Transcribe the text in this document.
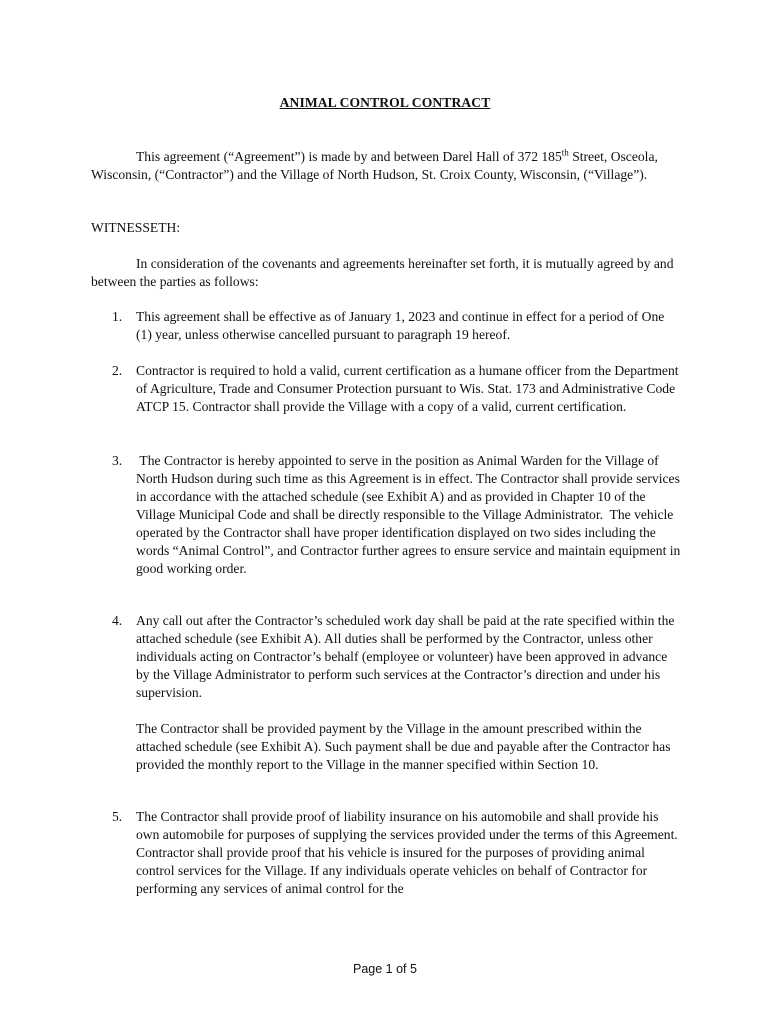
ANIMAL CONTROL CONTRACT

This agreement (“Agreement”) is made by and between Darel Hall of 372 185th Street, Osceola, Wisconsin, (“Contractor”) and the Village of North Hudson, St. Croix County, Wisconsin, (“Village”).

WITNESSETH:

In consideration of the covenants and agreements hereinafter set forth, it is mutually agreed by and between the parties as follows:

1.	This agreement shall be effective as of January 1, 2023 and continue in effect for a period of One (1) year, unless otherwise cancelled pursuant to paragraph 19 hereof.
2.	Contractor is required to hold a valid, current certification as a humane officer from the Department of Agriculture, Trade and Consumer Protection pursuant to Wis. Stat. 173 and Administrative Code ATCP 15. Contractor shall provide the Village with a copy of a valid, current certification.
3.	The Contractor is hereby appointed to serve in the position as Animal Warden for the Village of North Hudson during such time as this Agreement is in effect. The Contractor shall provide services in accordance with the attached schedule (see Exhibit A) and as provided in Chapter 10 of the Village Municipal Code and shall be directly responsible to the Village Administrator.  The vehicle operated by the Contractor shall have proper identification displayed on two sides including the words “Animal Control”, and Contractor further agrees to ensure service and maintain equipment in good working order.
4.	Any call out after the Contractor’s scheduled work day shall be paid at the rate specified within the attached schedule (see Exhibit A). All duties shall be performed by the Contractor, unless other individuals acting on Contractor’s behalf (employee or volunteer) have been approved in advance by the Village Administrator to perform such services at the Contractor’s direction and under his supervision.
The Contractor shall be provided payment by the Village in the amount prescribed within the attached schedule (see Exhibit A). Such payment shall be due and payable after the Contractor has provided the monthly report to the Village in the manner specified within Section 10.
5.	The Contractor shall provide proof of liability insurance on his automobile and shall provide his own automobile for purposes of supplying the services provided under the terms of this Agreement. Contractor shall provide proof that his vehicle is insured for the purposes of providing animal control services for the Village. If any individuals operate vehicles on behalf of Contractor for performing any services of animal control for the
Page 1 of 5
